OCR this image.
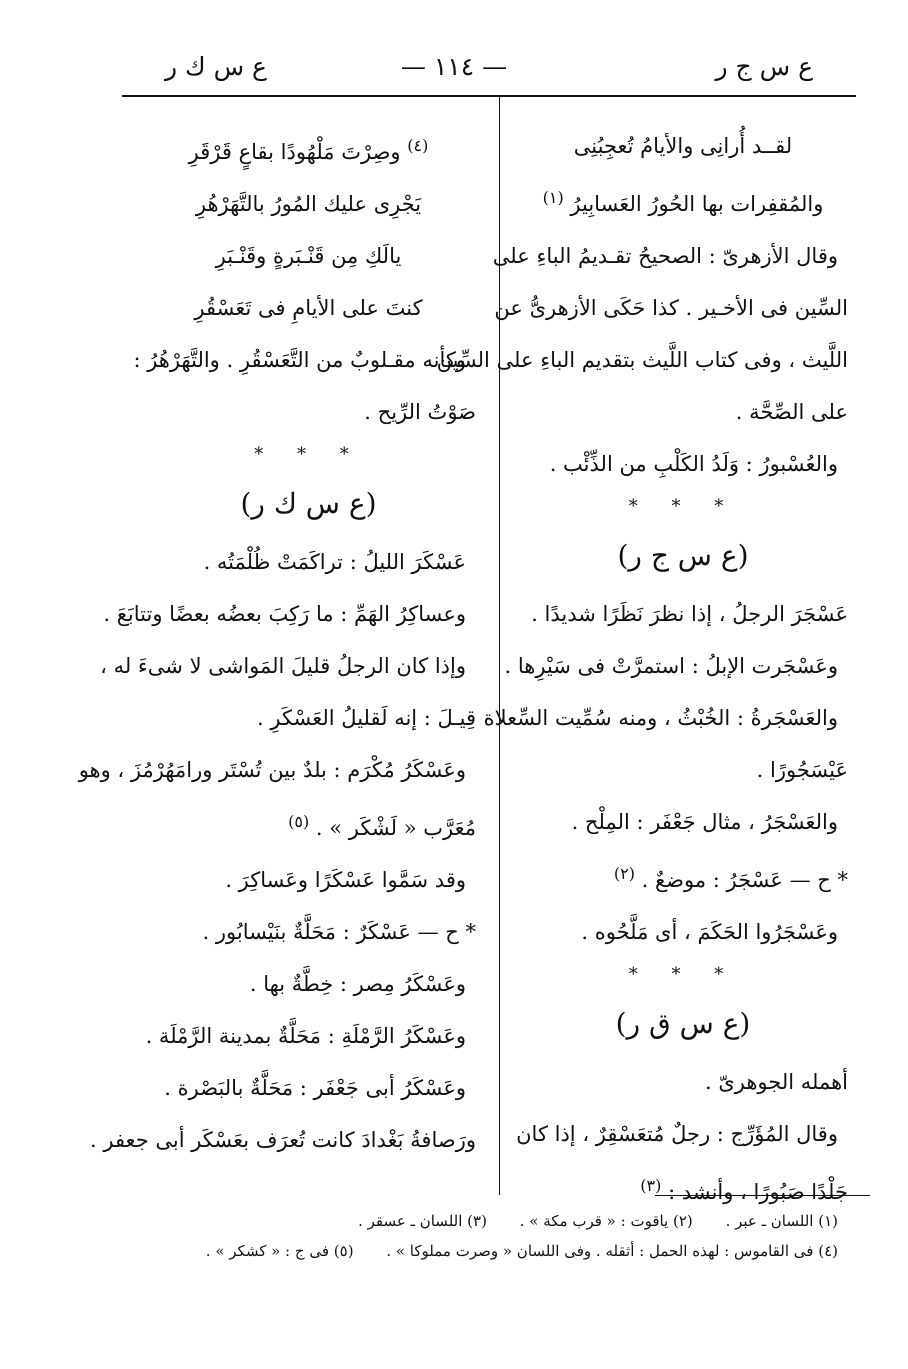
ع س ج ر
— ١١٤ —
ع س ك ر
لقــد أُرانِى والأيامُ تُعجِبُنِى
والمُقفِرات بها الحُورُ العَسابِيرُ $^{(١)}$
وقال الأزهرىّ : الصحيحُ تقـديمُ الباءِ على
السِّين فى الأخـير . كذا حَكَى الأزهرىُّ عن
اللَّيث ، وفى كتاب اللَّيث بتقديم الباءِ على السِّين
على الصِّحَّة .
والعُسْبورُ : وَلَدُ الكَلْبِ من الذِّئْب .
* * *
(ع س ج ر)
عَسْجَرَ الرجلُ ، إذا نظرَ نَظَرًا شديدًا .
وعَسْجَرت الإبلُ : استمرَّتْ فى سَيْرِها .
والعَسْجَرةُ : الخُبْثُ ، ومنه سُمِّيت السِّعلاة
عَيْسَجُورًا .
والعَسْجَرُ ، مثال جَعْفَر : المِلْح .
* ح — عَسْجَرُ : موضعٌ . $^{(٢)}$
وعَسْجَرُوا الحَكَمَ ، أى مَلَّحُوه .
* * *
(ع س ق ر)
أهمله الجوهرىّ .
وقال المُؤَرِّج : رجلٌ مُتعَسْقِرٌ ، إذا كان
جَلْدًا صَبُورًا ، وأنشد : $^{(٣)}$
$^{(٤)}$ وصِرْتَ مَلْهُودًا بقاعٍ قَرْقَرِ
يَجْرِى عليك المُورُ بالتَّهَرْهُرِ
يالَكِ مِن قَنْـبَرةٍ وقَنْـبَرِ
كنتَ على الأيامِ فى تَعَسْقُرِ
وكأنه مقـلوبٌ من التَّعَسْقُرِ . والتَّهَرْهُرُ :
صَوْتُ الرِّيح .
* * *
(ع س ك ر)
عَسْكَرَ الليلُ : تراكَمَتْ ظُلْمَتُه .
وعساكِرُ الهَمِّ : ما رَكِبَ بعضُه بعضًا وتتابَعَ .
وإذا كان الرجلُ قليلَ المَواشى لا شىءَ له ،
قِيـلَ : إنه لَقليلُ العَسْكَرِ .
وعَسْكَرُ مُكْرَم : بلدٌ بين تُسْتَر ورامَهُرْمُزَ ، وهو
مُعَرَّب « لَشْكَر » . $^{(٥)}$
وقد سَمَّوا عَسْكَرًا وعَساكِرَ .
* ح — عَسْكَرٌ : مَحَلَّةٌ بنَيْسابُور .
وعَسْكَرُ مِصر : خِطَّةٌ بها .
وعَسْكَرُ الرَّمْلَةِ : مَحَلَّةٌ بمدينة الرَّمْلَة .
وعَسْكَرُ أبى جَعْفَر : مَحَلَّةٌ بالبَصْرة .
ورَصافةُ بَغْدادَ كانت تُعرَف بعَسْكَر أبى جعفر .
(١) اللسان ـ عبر . (٢) ياقوت : « قرب مكة » . (٣) اللسان ـ عسقر .
(٤) فى القاموس : لهذه الحمل : أثقله . وفى اللسان « وصرت مملوكا » . (٥) فى ج : « كشكر » .
